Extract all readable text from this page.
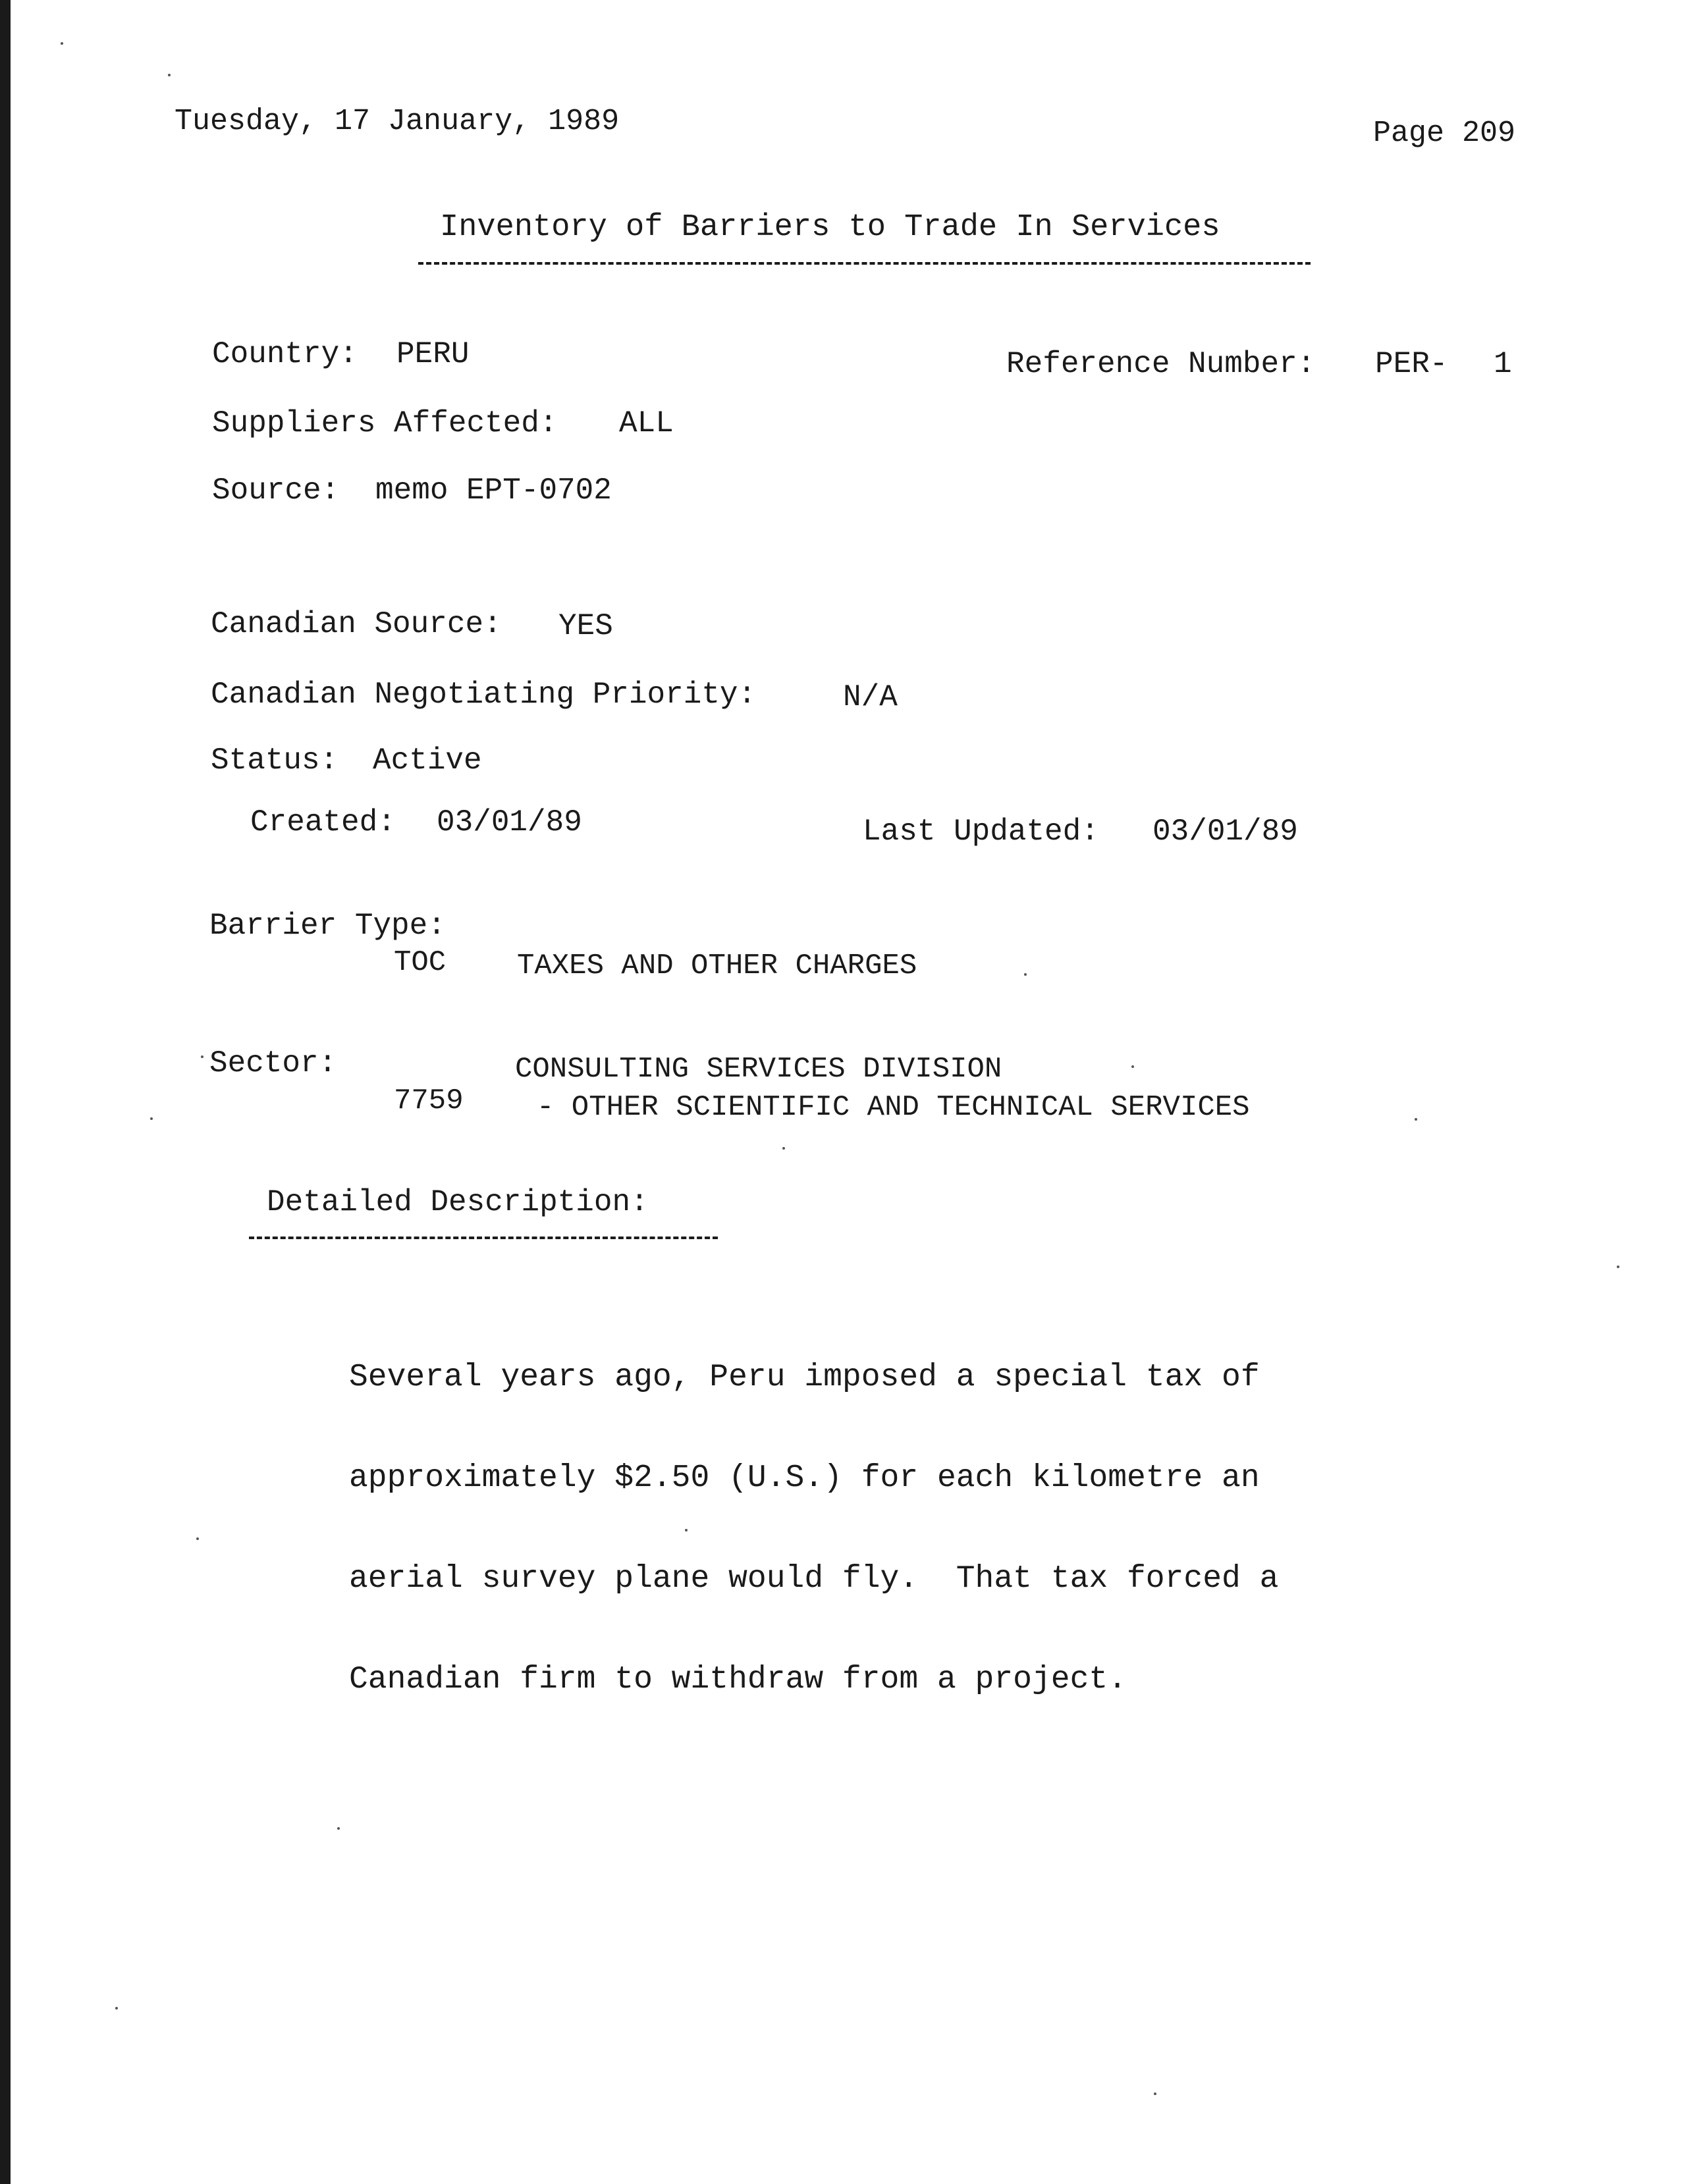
Tuesday, 17 January, 1989	Page 209
Inventory of Barriers to Trade In Services
Country: PERU	Reference Number: PER- 1
Suppliers Affected: ALL
Source: memo EPT-0702
Canadian Source: YES
Canadian Negotiating Priority:	N/A
Status: Active
Created: 03/01/89	Last Updated: 03/01/89
Barrier Type:
TOC TAXES AND OTHER CHARGES
Sector:	CONSULTING SERVICES DIVISION
7759	- OTHER SCIENTIFIC AND TECHNICAL SERVICES
Detailed Description:

Several years ago, Peru imposed a special tax of

approximately $2.50 (U.S.) for each kilometre an

aerial survey plane would fly.  That tax forced a

Canadian firm to withdraw from a project.
